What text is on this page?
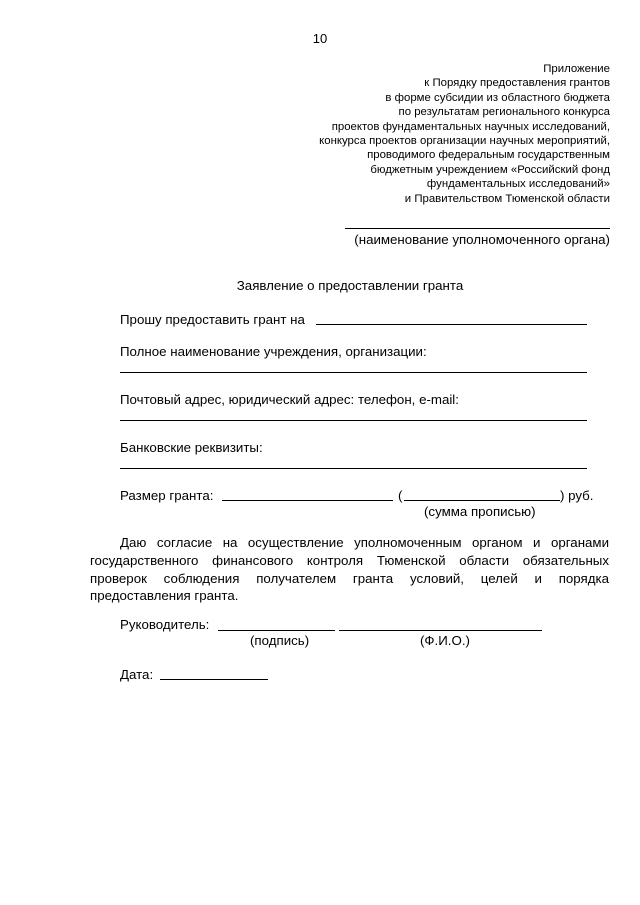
10
Приложение
к Порядку предоставления грантов
в форме субсидии из областного бюджета
по результатам регионального конкурса
проектов фундаментальных научных исследований,
конкурса проектов организации научных мероприятий,
проводимого федеральным государственным
бюджетным учреждением «Российский фонд
фундаментальных исследований»
и Правительством Тюменской области
(наименование уполномоченного органа)
Заявление о предоставлении гранта
Прошу предоставить грант на
Полное наименование учреждения, организации:
Почтовый адрес, юридический адрес: телефон, e-mail:
Банковские реквизиты:
Размер гранта:	(	) руб.
(сумма прописью)
Даю согласие на осуществление уполномоченным органом и органами государственного финансового контроля Тюменской области обязательных проверок соблюдения получателем гранта условий, целей и порядка предоставления гранта.
Руководитель:
(подпись)	(Ф.И.О.)
Дата:
